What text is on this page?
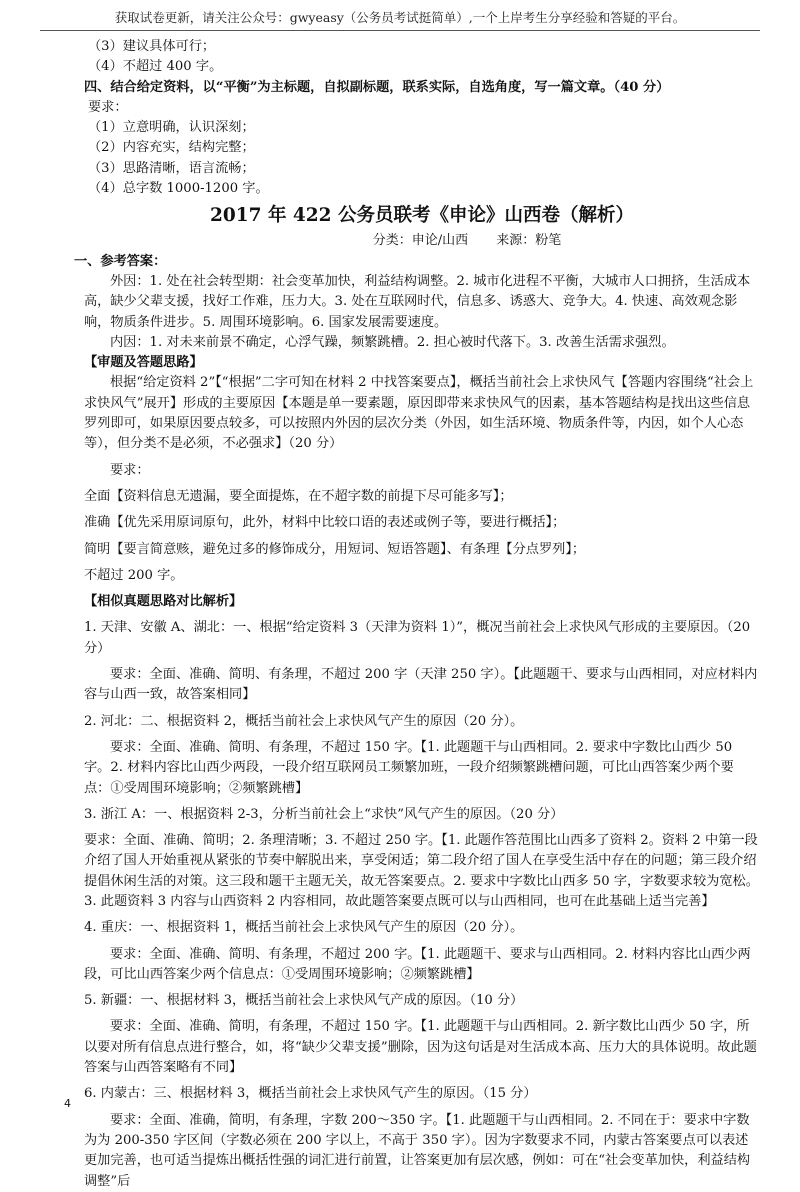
获取试卷更新，请关注公众号：gwyeasy（公务员考试挺简单）,一个上岸考生分享经验和答疑的平台。

（3）建议具体可行；

（4）不超过 400 字。

四、结合给定资料，以“平衡”为主标题，自拟副标题，联系实际，自选角度，写一篇文章。（40 分）

要求：

（1）立意明确，认识深刻；

（2）内容充实，结构完整；

（3）思路清晰，语言流畅；

（4）总字数 1000-1200 字。

2017 年 422 公务员联考《申论》山西卷（解析）

分类：申论/山西 来源：粉笔

一、参考答案：

外因：1. 处在社会转型期：社会变革加快，利益结构调整。2. 城市化进程不平衡，大城市人口拥挤，生活成本高，缺少父辈支援，找好工作难，压力大。3. 处在互联网时代，信息多、诱惑大、竞争大。4. 快速、高效观念影响，物质条件进步。5. 周围环境影响。6. 国家发展需要速度。

内因：1. 对未来前景不确定，心浮气躁，频繁跳槽。2. 担心被时代落下。3. 改善生活需求强烈。

【审题及答题思路】

根据“给定资料 2”【“根据”二字可知在材料 2 中找答案要点】，概括当前社会上求快风气【答题内容围绕“社会上求快风气”展开】形成的主要原因【本题是单一要素题，原因即带来求快风气的因素，基本答题结构是找出这些信息罗列即可，如果原因要点较多，可以按照内外因的层次分类（外因，如生活环境、物质条件等，内因，如个人心态等），但分类不是必须，不必强求】（20 分）

要求：

全面【资料信息无遗漏，要全面提炼，在不超字数的前提下尽可能多写】；

准确【优先采用原词原句，此外，材料中比较口语的表述或例子等，要进行概括】；

简明【要言简意赅，避免过多的修饰成分，用短词、短语答题】、有条理【分点罗列】；

不超过 200 字。

【相似真题思路对比解析】

1. 天津、安徽 A、湖北：一、根据“给定资料 3（天津为资料 1）”，概况当前社会上求快风气形成的主要原因。（20 分）

要求：全面、准确、简明、有条理，不超过 200 字（天津 250 字）。【此题题干、要求与山西相同，对应材料内容与山西一致，故答案相同】

2. 河北：二、根据资料 2，概括当前社会上求快风气产生的原因（20 分）。

要求：全面、准确、简明、有条理，不超过 150 字。【1. 此题题干与山西相同。2. 要求中字数比山西少 50 字。2. 材料内容比山西少两段，一段介绍互联网员工频繁加班，一段介绍频繁跳槽问题，可比山西答案少两个要点：①受周围环境影响；②频繁跳槽】

3. 浙江 A：一、根据资料 2-3，分析当前社会上“求快”风气产生的原因。（20 分）

要求：全面、准确、简明；2. 条理清晰；3. 不超过 250 字。【1. 此题作答范围比山西多了资料 2。资料 2 中第一段介绍了国人开始重视从紧张的节奏中解脱出来，享受闲适；第二段介绍了国人在享受生活中存在的问题；第三段介绍提倡休闲生活的对策。这三段和题干主题无关，故无答案要点。2. 要求中字数比山西多 50 字，字数要求较为宽松。3. 此题资料 3 内容与山西资料 2 内容相同，故此题答案要点既可以与山西相同，也可在此基础上适当完善】

4. 重庆：一、根据资料 1，概括当前社会上求快风气产生的原因（20 分）。

要求：全面、准确、简明、有条理，不超过 200 字。【1. 此题题干、要求与山西相同。2. 材料内容比山西少两段，可比山西答案少两个信息点：①受周围环境影响；②频繁跳槽】

5. 新疆：一、根据材料 3，概括当前社会上求快风气产成的原因。（10 分）

要求：全面、准确、简明，有条理，不超过 150 字。【1. 此题题干与山西相同。2. 新字数比山西少 50 字，所以要对所有信息点进行整合，如，将“缺少父辈支援”删除，因为这句话是对生活成本高、压力大的具体说明。故此题答案与山西答案略有不同】

6. 内蒙古：三、根据材料 3，概括当前社会上求快风气产生的原因。（15 分）

要求：全面、准确，简明，有条理，字数 200～350 字。【1. 此题题干与山西相同。2. 不同在于：要求中字数为为 200-350 字区间（字数必须在 200 字以上，不高于 350 字）。因为字数要求不同，内蒙古答案要点可以表述更加完善，也可适当提炼出概括性强的词汇进行前置，让答案更加有层次感，例如：可在“社会变革加快，利益结构调整”后

4
